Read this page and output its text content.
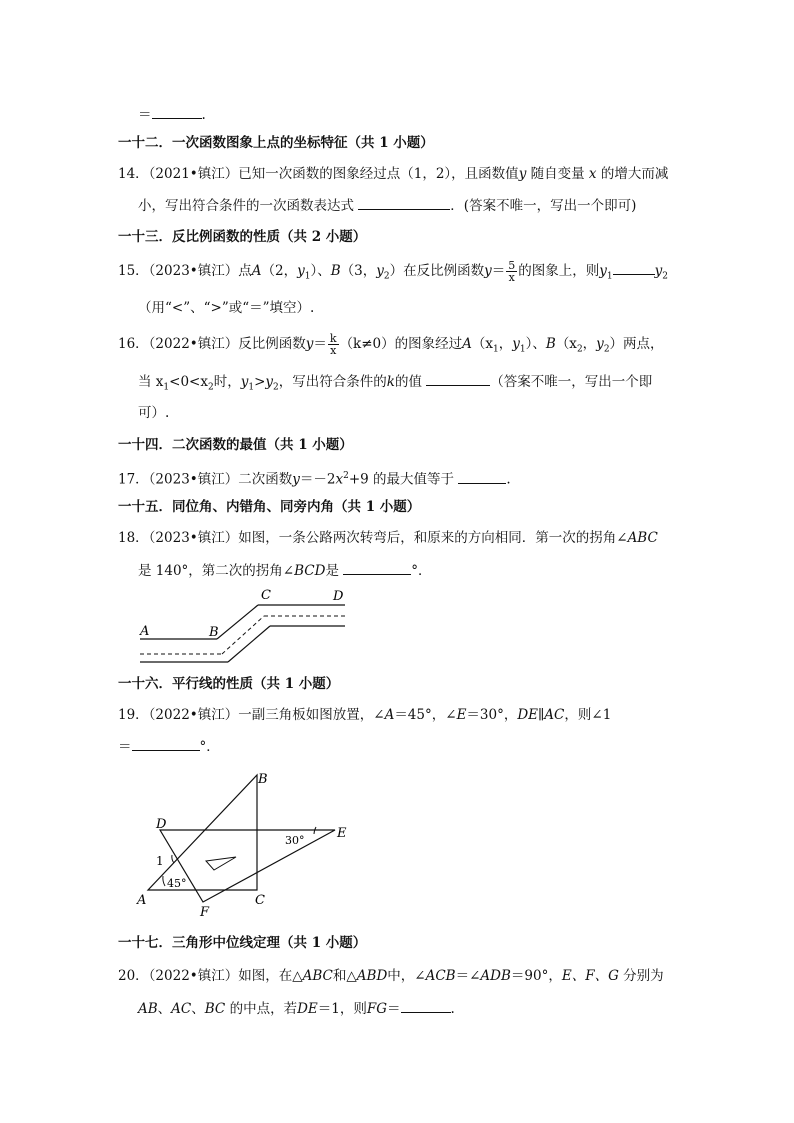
＝	.
一十二．一次函数图象上点的坐标特征（共 1 小题）
14．（2021•镇江）已知一次函数的图象经过点（1，2），且函数值y 随自变量 x 的增大而减
小，写出符合条件的一次函数表达式	．(答案不唯一，写出一个即可)
一十三．反比例函数的性质（共 2 小题）
15．（2023•镇江）点A（2，$y_1$）、B（3，$y_2$）在反比例函数$y= \frac{5}{x}$ 的图象上，则$y_1$	$y_2$
（用“<”、“>”或“＝”填空）.
16．（2022•镇江）反比例函数$y= \frac{k}{x} (k\ne 0)$的图象经过$A(x_1$，$y_1$）、$B(x_2$，$y_2$）两点，
当 $x_1<0<x_2$时，$y_1>y_2$，写出符合条件的k的值	（答案不唯一，写出一个即
可）.
一十四．二次函数的最值（共 1 小题）
17．（2023•镇江）二次函数$y=-2x^2+9$ 的最大值等于	.
一十五．同位角、内错角、同旁内角（共 1 小题）
18．（2023•镇江）如图，一条公路两次转弯后，和原来的方向相同．第一次的拐角∠ABC
是 140°，第二次的拐角∠BCD是	°．
A	B
C	D
一十六．平行线的性质（共 1 小题）
19．（2022•镇江）一副三角板如图放置，∠A＝45°，∠E＝30°，DE∥AC，则∠1
＝	°．
B
D
E
A	C
F
30°
45°
1
一十七．三角形中位线定理（共 1 小题）
20．（2022•镇江）如图，在△ABC和△ABD中，∠ACB＝∠ADB＝90°，E、F、G 分别为
AB、AC、BC 的中点，若DE＝1，则FG＝	.
